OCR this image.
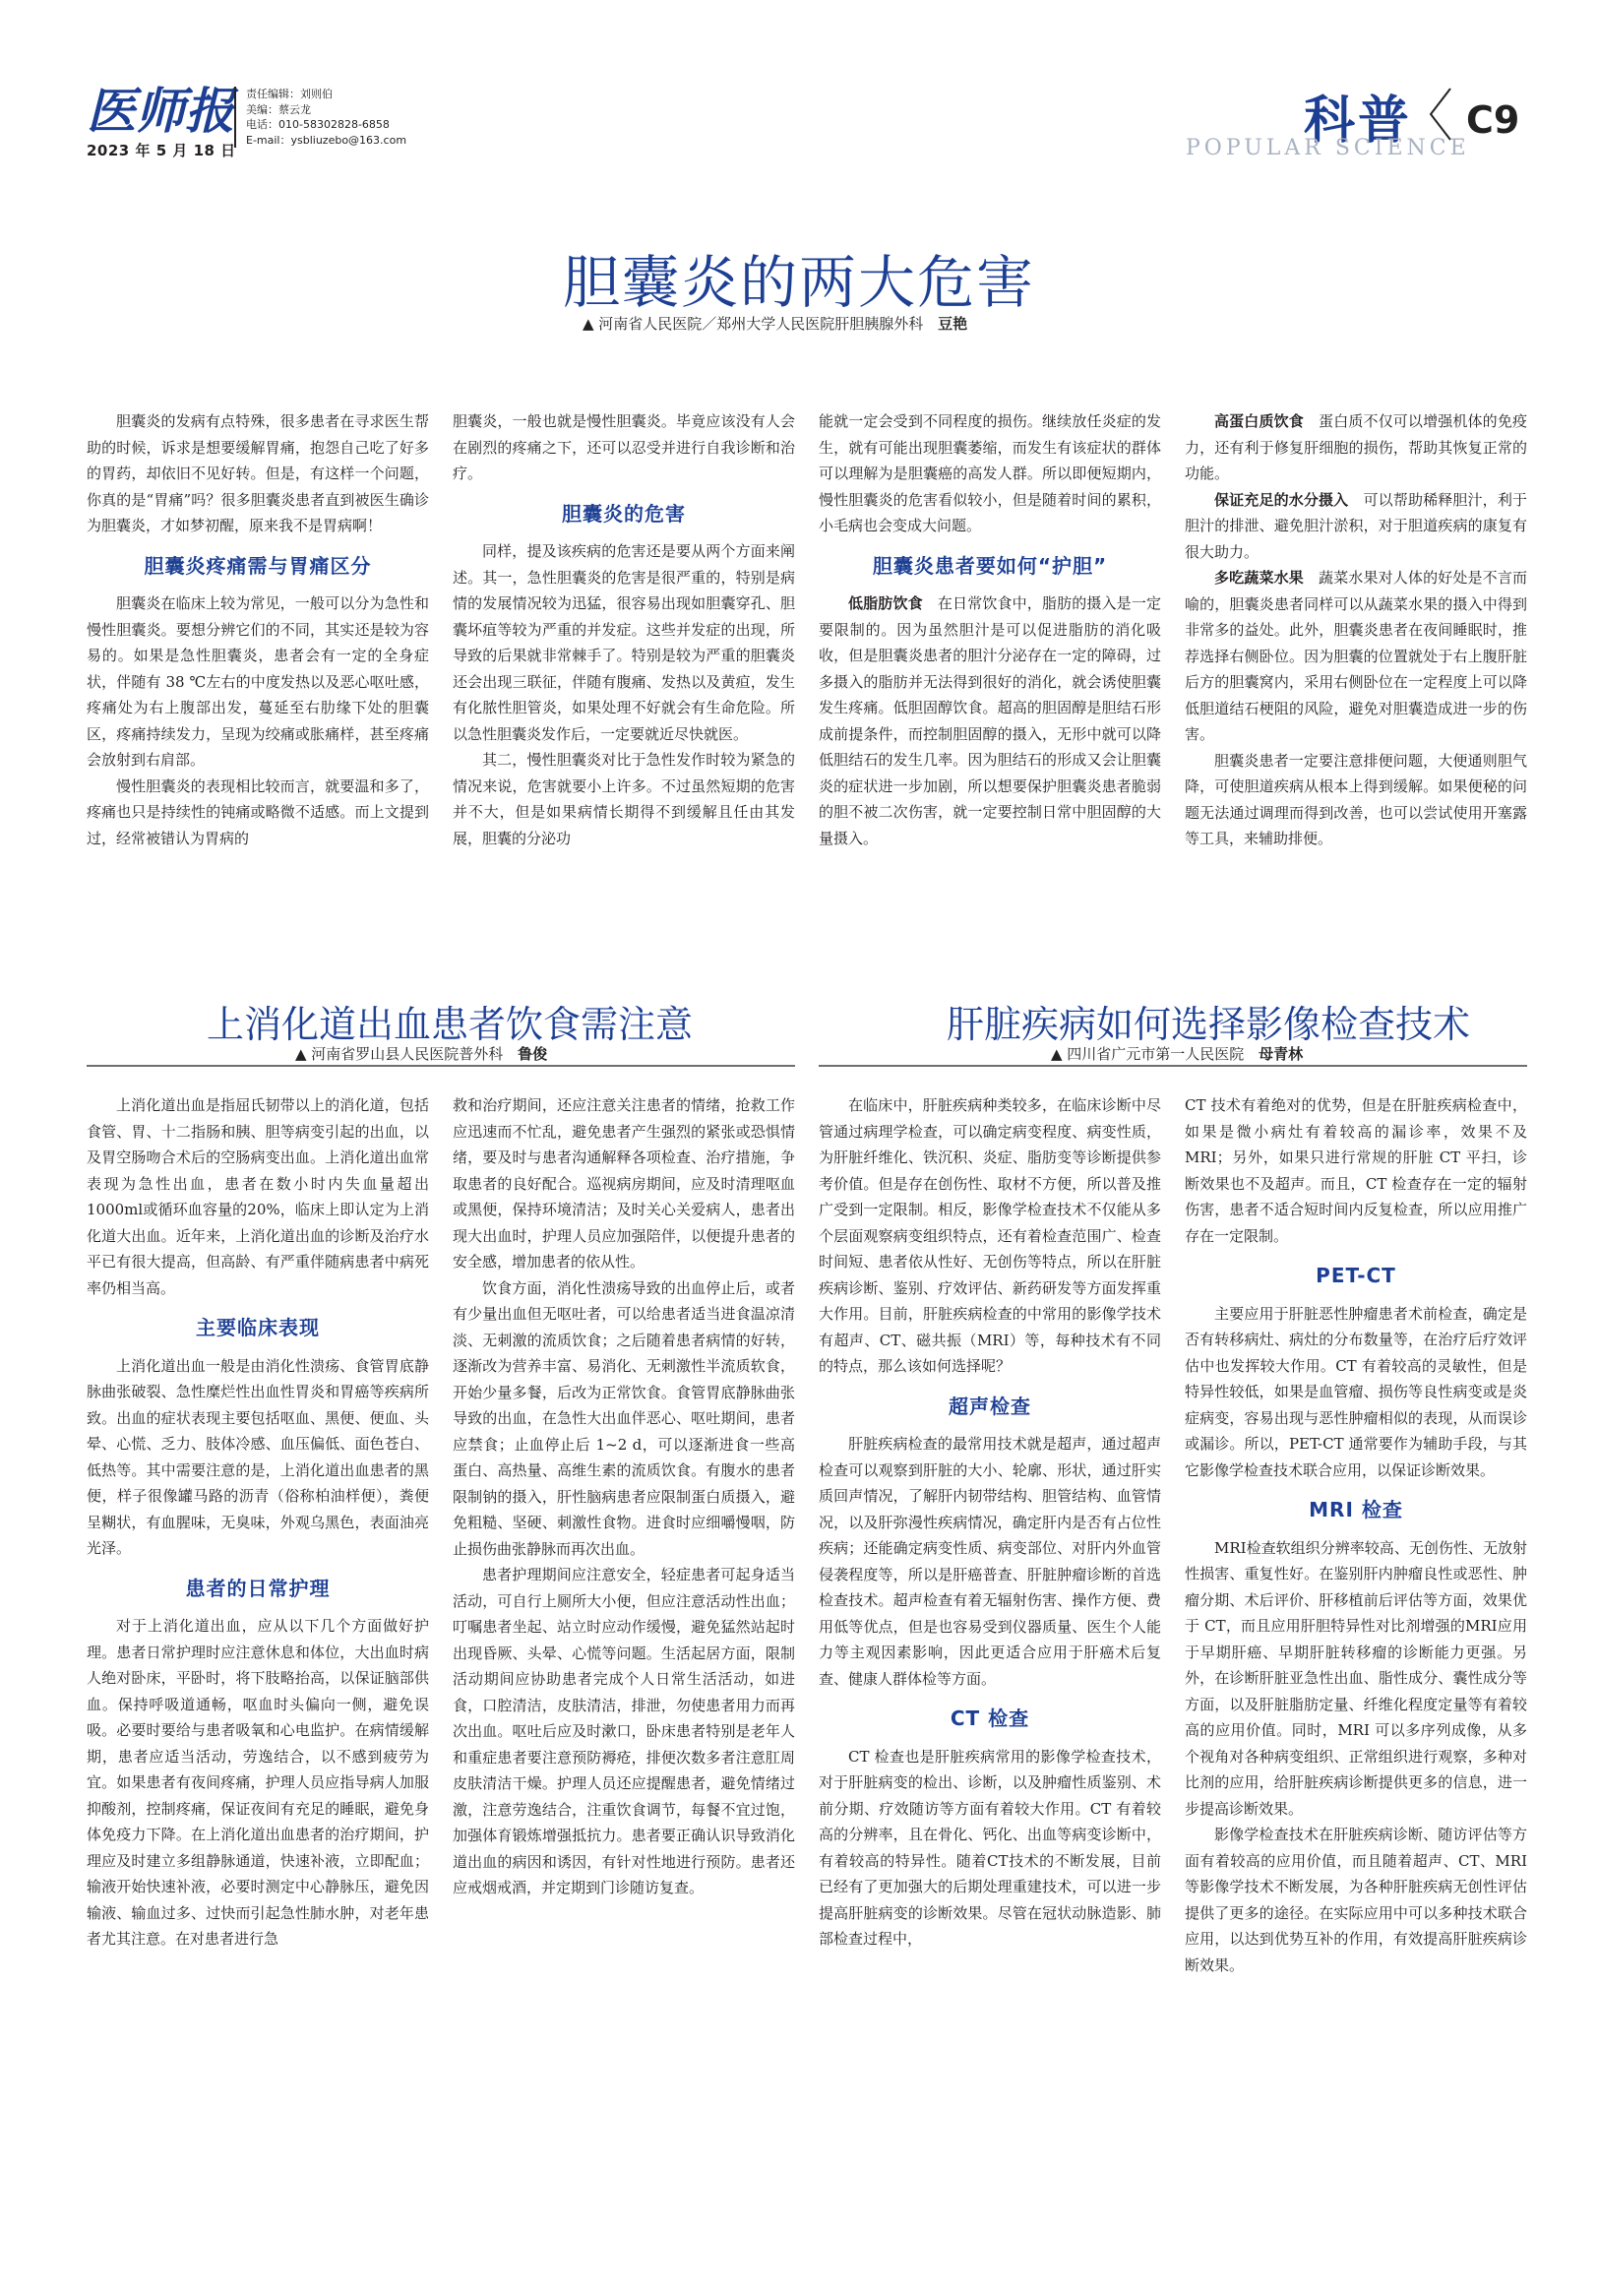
医师报
2023 年 5 月 18 日
责任编辑：刘则伯
美编：蔡云龙
电话：010-58302828-6858
E-mail：ysbliuzebo@163.com	科普
POPULAR SCIENCE
C9
胆囊炎的两大危害
▲ 河南省人民医院／郑州大学人民医院肝胆胰腺外科 豆艳

胆囊炎的发病有点特殊，很多患者在寻求医生帮助的时候，诉求是想要缓解胃痛，抱怨自己吃了好多的胃药，却依旧不见好转。但是，有这样一个问题，你真的是“胃痛”吗？很多胆囊炎患者直到被医生确诊为胆囊炎，才如梦初醒，原来我不是胃病啊！

胆囊炎疼痛需与胃痛区分

胆囊炎在临床上较为常见，一般可以分为急性和慢性胆囊炎。要想分辨它们的不同，其实还是较为容易的。如果是急性胆囊炎，患者会有一定的全身症状，伴随有 38 ℃左右的中度发热以及恶心呕吐感，疼痛处为右上腹部出发，蔓延至右肋缘下处的胆囊区，疼痛持续发力，呈现为绞痛或胀痛样，甚至疼痛会放射到右肩部。

慢性胆囊炎的表现相比较而言，就要温和多了，疼痛也只是持续性的钝痛或略微不适感。而上文提到过，经常被错认为胃病的

胆囊炎，一般也就是慢性胆囊炎。毕竟应该没有人会在剧烈的疼痛之下，还可以忍受并进行自我诊断和治疗。

胆囊炎的危害

同样，提及该疾病的危害还是要从两个方面来阐述。其一，急性胆囊炎的危害是很严重的，特别是病情的发展情况较为迅猛，很容易出现如胆囊穿孔、胆囊坏疽等较为严重的并发症。这些并发症的出现，所导致的后果就非常棘手了。特别是较为严重的胆囊炎还会出现三联征，伴随有腹痛、发热以及黄疸，发生有化脓性胆管炎，如果处理不好就会有生命危险。所以急性胆囊炎发作后，一定要就近尽快就医。

其二，慢性胆囊炎对比于急性发作时较为紧急的情况来说，危害就要小上许多。不过虽然短期的危害并不大，但是如果病情长期得不到缓解且任由其发展，胆囊的分泌功

能就一定会受到不同程度的损伤。继续放任炎症的发生，就有可能出现胆囊萎缩，而发生有该症状的群体可以理解为是胆囊癌的高发人群。所以即便短期内，慢性胆囊炎的危害看似较小，但是随着时间的累积，小毛病也会变成大问题。

胆囊炎患者要如何“护胆”

低脂肪饮食　 在日常饮食中，脂肪的摄入是一定要限制的。因为虽然胆汁是可以促进脂肪的消化吸收，但是胆囊炎患者的胆汁分泌存在一定的障碍，过多摄入的脂肪并无法得到很好的消化，就会诱使胆囊发生疼痛。低胆固醇饮食。超高的胆固醇是胆结石形成前提条件，而控制胆固醇的摄入，无形中就可以降低胆结石的发生几率。因为胆结石的形成又会让胆囊炎的症状进一步加剧，所以想要保护胆囊炎患者脆弱的胆不被二次伤害，就一定要控制日常中胆固醇的大量摄入。

高蛋白质饮食　 蛋白质不仅可以增强机体的免疫力，还有利于修复肝细胞的损伤，帮助其恢复正常的功能。

保证充足的水分摄入　 可以帮助稀释胆汁，利于胆汁的排泄、避免胆汁淤积，对于胆道疾病的康复有很大助力。

多吃蔬菜水果　 蔬菜水果对人体的好处是不言而喻的，胆囊炎患者同样可以从蔬菜水果的摄入中得到非常多的益处。此外，胆囊炎患者在夜间睡眠时，推荐选择右侧卧位。因为胆囊的位置就处于右上腹肝脏后方的胆囊窝内，采用右侧卧位在一定程度上可以降低胆道结石梗阻的风险，避免对胆囊造成进一步的伤害。

胆囊炎患者一定要注意排便问题，大便通则胆气降，可使胆道疾病从根本上得到缓解。如果便秘的问题无法通过调理而得到改善，也可以尝试使用开塞露等工具，来辅助排便。

上消化道出血患者饮食需注意
▲ 河南省罗山县人民医院普外科 鲁俊

上消化道出血是指屈氏韧带以上的消化道，包括食管、胃、十二指肠和胰、胆等病变引起的出血，以及胃空肠吻合术后的空肠病变出血。上消化道出血常表现为急性出血，患者在数小时内失血量超出1000ml或循环血容量的20%，临床上即认定为上消化道大出血。近年来，上消化道出血的诊断及治疗水平已有很大提高，但高龄、有严重伴随病患者中病死率仍相当高。

主要临床表现

上消化道出血一般是由消化性溃疡、食管胃底静脉曲张破裂、急性糜烂性出血性胃炎和胃癌等疾病所致。出血的症状表现主要包括呕血、黑便、便血、头晕、心慌、乏力、肢体冷感、血压偏低、面色苍白、低热等。其中需要注意的是，上消化道出血患者的黑便，样子很像罐马路的沥青（俗称柏油样便），粪便呈糊状，有血腥味，无臭味，外观乌黑色，表面油亮光泽。

患者的日常护理

对于上消化道出血，应从以下几个方面做好护理。患者日常护理时应注意休息和体位，大出血时病人绝对卧床，平卧时，将下肢略抬高，以保证脑部供血。保持呼吸道通畅，呕血时头偏向一侧，避免误吸。必要时要给与患者吸氧和心电监护。在病情缓解期，患者应适当活动，劳逸结合，以不感到疲劳为宜。如果患者有夜间疼痛，护理人员应指导病人加服抑酸剂，控制疼痛，保证夜间有充足的睡眠，避免身体免疫力下降。在上消化道出血患者的治疗期间，护理应及时建立多组静脉通道，快速补液，立即配血；输液开始快速补液，必要时测定中心静脉压，避免因输液、输血过多、过快而引起急性肺水肿，对老年患者尤其注意。在对患者进行急

救和治疗期间，还应注意关注患者的情绪，抢救工作应迅速而不忙乱，避免患者产生强烈的紧张或恐惧情绪，要及时与患者沟通解释各项检查、治疗措施，争取患者的良好配合。巡视病房期间，应及时清理呕血或黑便，保持环境清洁；及时关心关爱病人，患者出现大出血时，护理人员应加强陪伴，以便提升患者的安全感，增加患者的依从性。

饮食方面，消化性溃疡导致的出血停止后，或者有少量出血但无呕吐者，可以给患者适当进食温凉清淡、无刺激的流质饮食；之后随着患者病情的好转，逐渐改为营养丰富、易消化、无刺激性半流质软食，开始少量多餐，后改为正常饮食。食管胃底静脉曲张导致的出血，在急性大出血伴恶心、呕吐期间，患者应禁食；止血停止后 1~2 d，可以逐渐进食一些高蛋白、高热量、高维生素的流质饮食。有腹水的患者限制钠的摄入，肝性脑病患者应限制蛋白质摄入，避免粗糙、坚硬、刺激性食物。进食时应细嚼慢咽，防止损伤曲张静脉而再次出血。

患者护理期间应注意安全，轻症患者可起身适当活动，可自行上厕所大小便，但应注意活动性出血；叮嘱患者坐起、站立时应动作缓慢，避免猛然站起时出现昏厥、头晕、心慌等问题。生活起居方面，限制活动期间应协助患者完成个人日常生活活动，如进食，口腔清洁，皮肤清洁，排泄，勿使患者用力而再次出血。呕吐后应及时漱口，卧床患者特别是老年人和重症患者要注意预防褥疮，排便次数多者注意肛周皮肤清洁干燥。护理人员还应提醒患者，避免情绪过激，注意劳逸结合，注重饮食调节，每餐不宜过饱，加强体育锻炼增强抵抗力。患者要正确认识导致消化道出血的病因和诱因，有针对性地进行预防。患者还应戒烟戒酒，并定期到门诊随访复查。

肝脏疾病如何选择影像检查技术
▲ 四川省广元市第一人民医院 母青林

在临床中，肝脏疾病种类较多，在临床诊断中尽管通过病理学检查，可以确定病变程度、病变性质，为肝脏纤维化、铁沉积、炎症、脂肪变等诊断提供参考价值。但是存在创伤性、取材不方便，所以普及推广受到一定限制。相反，影像学检查技术不仅能从多个层面观察病变组织特点，还有着检查范围广、检查时间短、患者依从性好、无创伤等特点，所以在肝脏疾病诊断、鉴别、疗效评估、新药研发等方面发挥重大作用。目前，肝脏疾病检查的中常用的影像学技术有超声、CT、磁共振（MRI）等，每种技术有不同的特点，那么该如何选择呢？

超声检查

肝脏疾病检查的最常用技术就是超声，通过超声检查可以观察到肝脏的大小、轮廓、形状，通过肝实质回声情况，了解肝内韧带结构、胆管结构、血管情况，以及肝弥漫性疾病情况，确定肝内是否有占位性疾病；还能确定病变性质、病变部位、对肝内外血管侵袭程度等，所以是肝癌普查、肝脏肿瘤诊断的首选检查技术。超声检查有着无辐射伤害、操作方便、费用低等优点，但是也容易受到仪器质量、医生个人能力等主观因素影响，因此更适合应用于肝癌术后复查、健康人群体检等方面。

CT 检查

CT 检查也是肝脏疾病常用的影像学检查技术，对于肝脏病变的检出、诊断，以及肿瘤性质鉴别、术前分期、疗效随访等方面有着较大作用。CT 有着较高的分辨率，且在骨化、钙化、出血等病变诊断中，有着较高的特异性。随着CT技术的不断发展，目前已经有了更加强大的后期处理重建技术，可以进一步提高肝脏病变的诊断效果。尽管在冠状动脉造影、肺部检查过程中，

CT 技术有着绝对的优势，但是在肝脏疾病检查中，如果是微小病灶有着较高的漏诊率，效果不及 MRI；另外，如果只进行常规的肝脏 CT 平扫，诊断效果也不及超声。而且，CT 检查存在一定的辐射伤害，患者不适合短时间内反复检查，所以应用推广存在一定限制。

PET-CT

主要应用于肝脏恶性肿瘤患者术前检查，确定是否有转移病灶、病灶的分布数量等，在治疗后疗效评估中也发挥较大作用。CT 有着较高的灵敏性，但是特异性较低，如果是血管瘤、损伤等良性病变或是炎症病变，容易出现与恶性肿瘤相似的表现，从而误诊或漏诊。所以，PET-CT 通常要作为辅助手段，与其它影像学检查技术联合应用，以保证诊断效果。

MRI 检查

MRI检查软组织分辨率较高、无创伤性、无放射性损害、重复性好。在鉴别肝内肿瘤良性或恶性、肿瘤分期、术后评价、肝移植前后评估等方面，效果优于 CT，而且应用肝胆特异性对比剂增强的MRI应用于早期肝癌、早期肝脏转移瘤的诊断能力更强。另外，在诊断肝脏亚急性出血、脂性成分、囊性成分等方面，以及肝脏脂肪定量、纤维化程度定量等有着较高的应用价值。同时，MRI 可以多序列成像，从多个视角对各种病变组织、正常组织进行观察，多种对比剂的应用，给肝脏疾病诊断提供更多的信息，进一步提高诊断效果。

影像学检查技术在肝脏疾病诊断、随访评估等方面有着较高的应用价值，而且随着超声、CT、MRI 等影像学技术不断发展，为各种肝脏疾病无创性评估提供了更多的途径。在实际应用中可以多种技术联合应用，以达到优势互补的作用，有效提高肝脏疾病诊断效果。
